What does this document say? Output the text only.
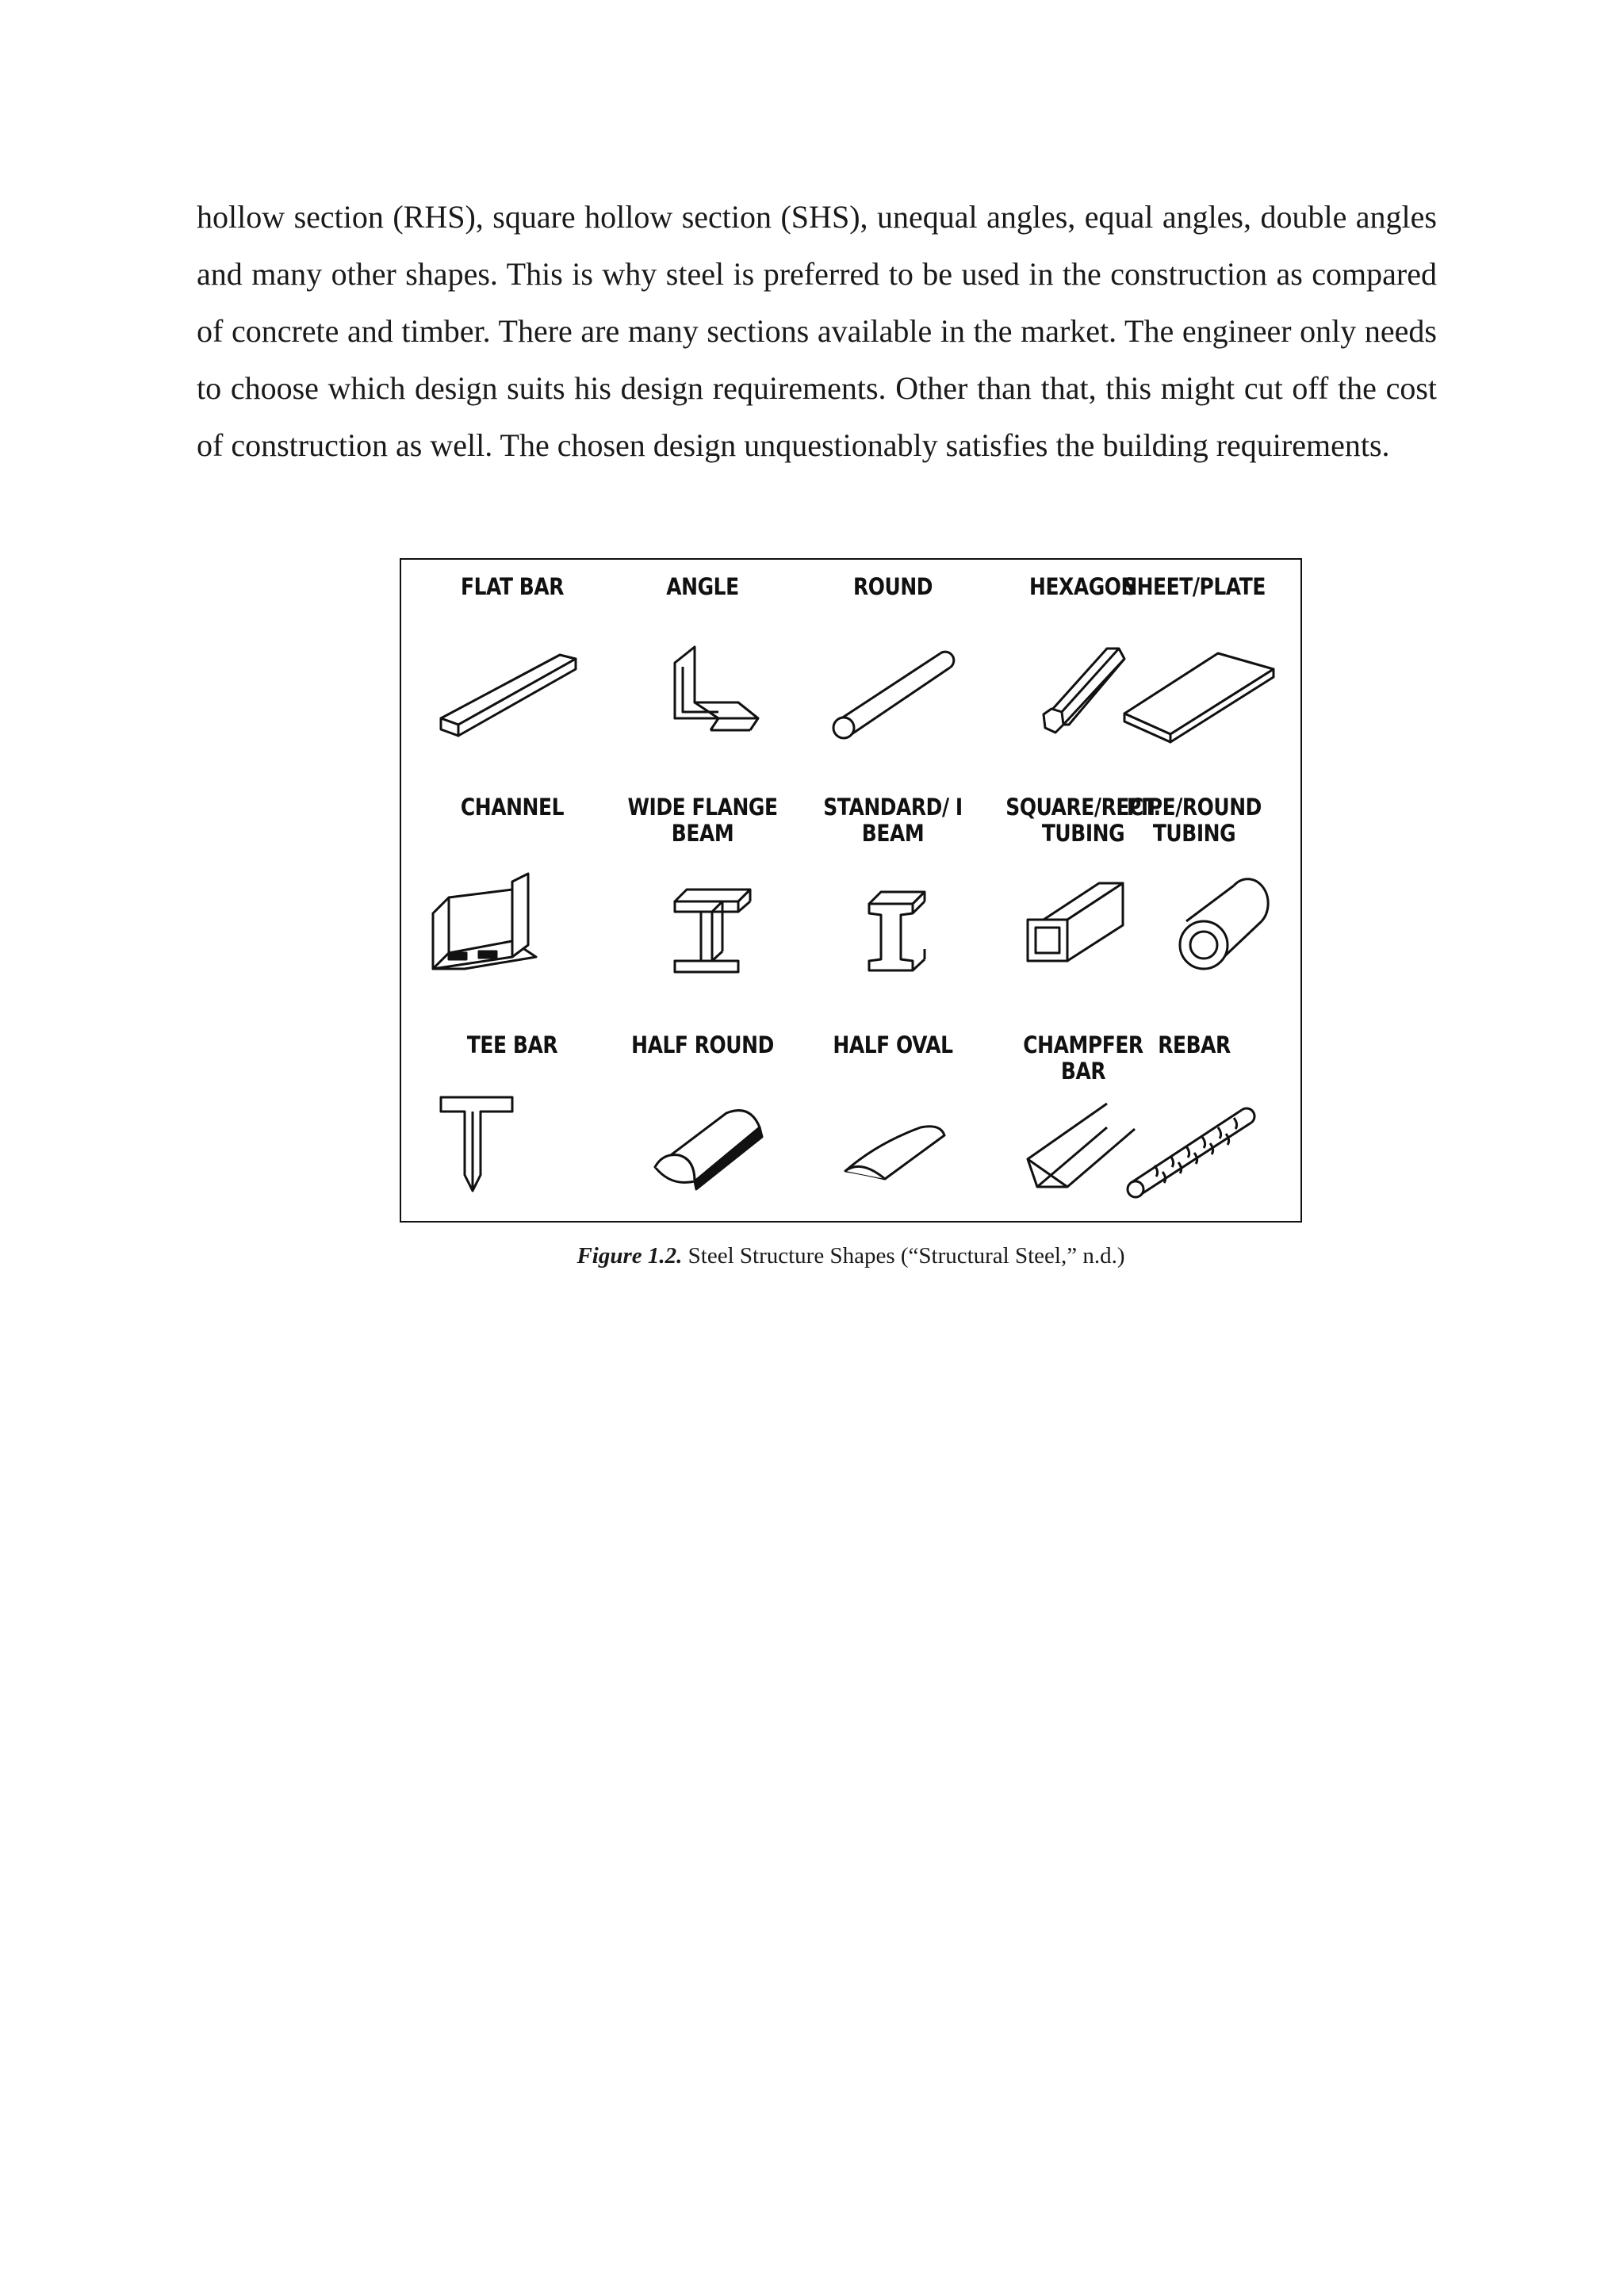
hollow section (RHS), square hollow section (SHS), unequal angles, equal angles, double angles and many other shapes. This is why steel is preferred to be used in the construction as compared of concrete and timber. There are many sections available in the market. The engineer only needs to choose which design suits his design requirements. Other than that, this might cut off the cost of construction as well. The chosen design unquestionably satisfies the building requirements.

FLAT BAR	ANGLE	ROUND	HEXAGON
SHEET/PLATE
CHANNEL	WIDE FLANGE
BEAM
STANDARD/ I
BEAM
SQUARE/RECT.
TUBING
PIPE/ROUND
TUBING
TEE BAR	HALF ROUND	HALF OVAL	CHAMPFER BAR
REBAR

Figure 1.2. Steel Structure Shapes (“Structural Steel,” n.d.)
